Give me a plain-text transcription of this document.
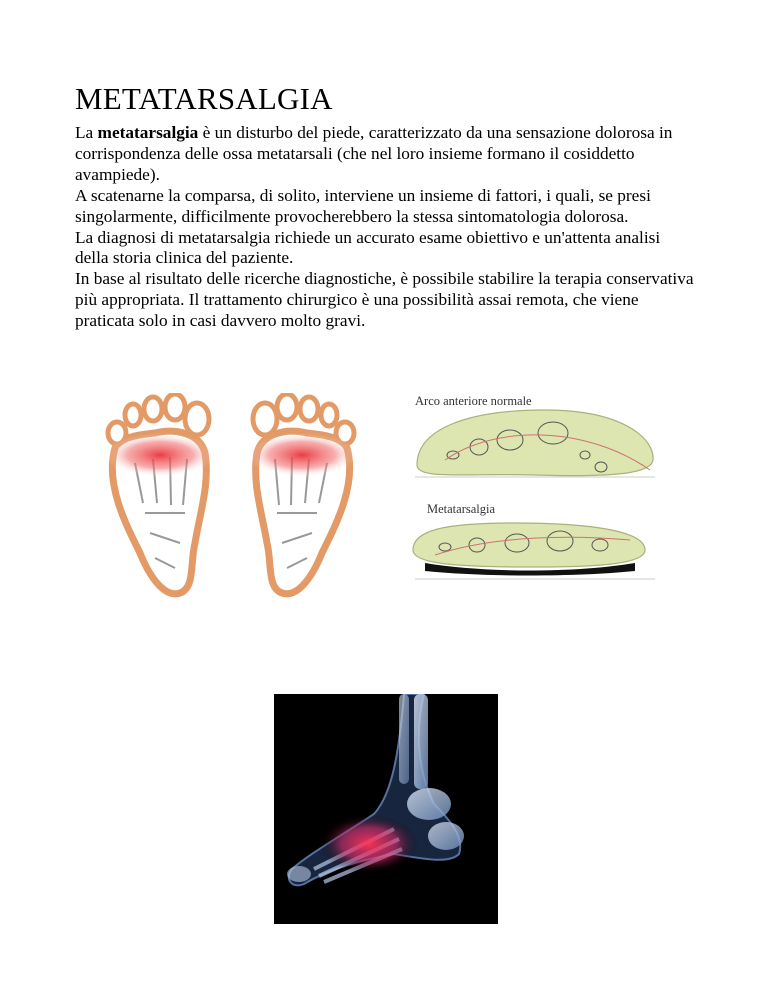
METATARSALGIA

La metatarsalgia è un disturbo del piede, caratterizzato da una sensazione dolorosa in corrispondenza delle ossa metatarsali (che nel loro insieme formano il cosiddetto avampiede).

A scatenarne la comparsa, di solito, interviene un insieme di fattori, i quali, se presi singolarmente, difficilmente provocherebbero la stessa sintomatologia dolorosa.

La diagnosi di metatarsalgia richiede un accurato esame obiettivo e un'attenta analisi della storia clinica del paziente.

In base al risultato delle ricerche diagnostiche, è possibile stabilire la terapia conservativa più appropriata. Il trattamento chirurgico è una possibilità assai remota, che viene praticata solo in casi davvero molto gravi.

Arco anteriore normale
Metatarsalgia
